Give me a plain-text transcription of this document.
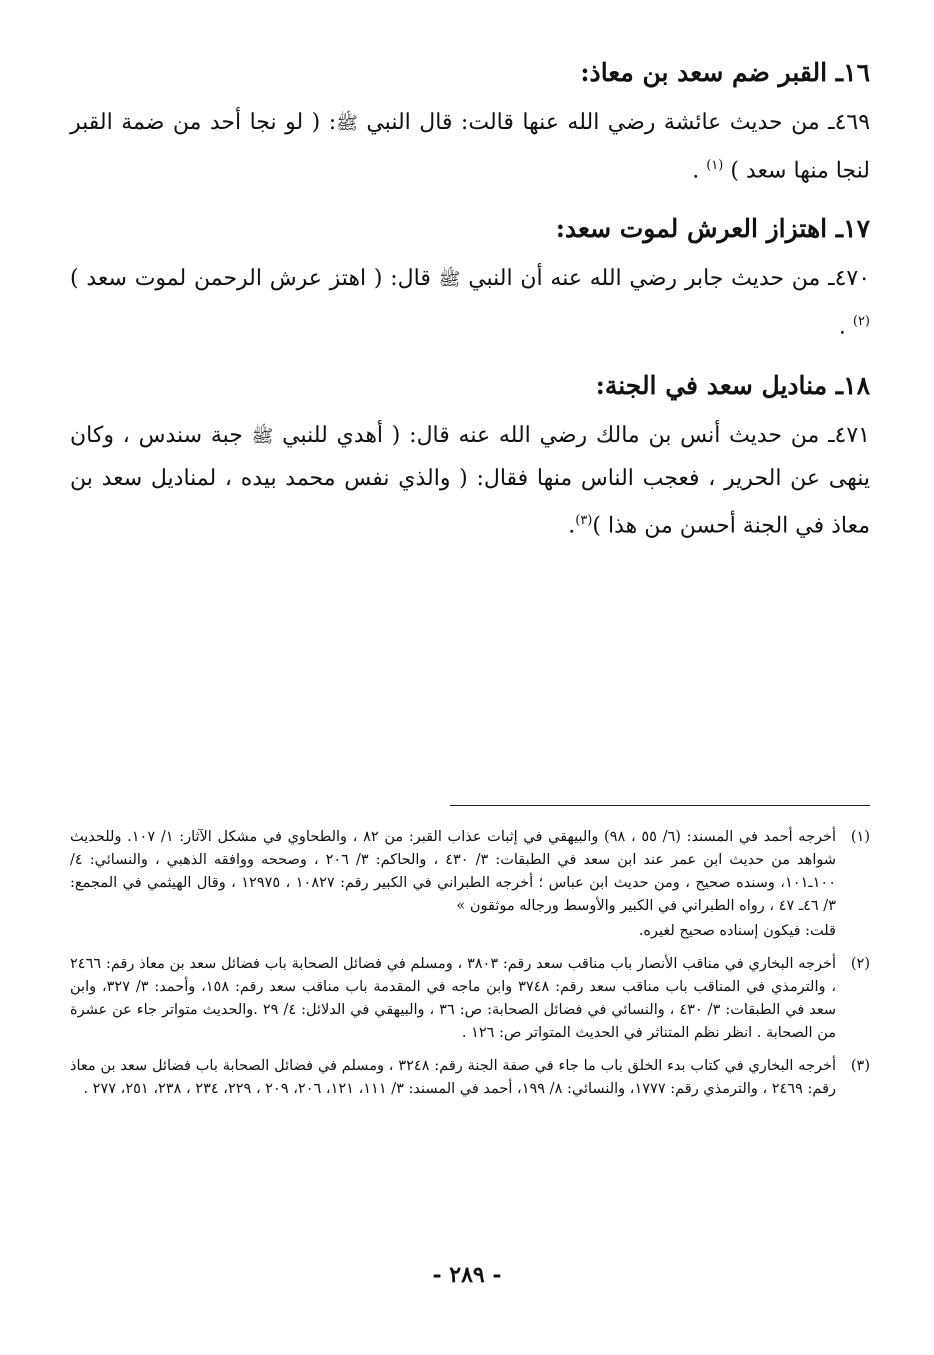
١٦ـ القبر ضم سعد بن معاذ:

٤٦٩ـ من حديث عائشة رضي الله عنها قالت: قال النبي ﷺ: ( لو نجا أحد من ضمة القبر لنجا منها سعد ) $^{(١)}$ .

١٧ـ اهتزاز العرش لموت سعد:

٤٧٠ـ من حديث جابر رضي الله عنه أن النبي ﷺ قال: ( اهتز عرش الرحمن لموت سعد ) $^{(٢)}$ .

١٨ـ مناديل سعد في الجنة:

٤٧١ـ من حديث أنس بن مالك رضي الله عنه قال: ( أهدي للنبي ﷺ جبة سندس ، وكان ينهى عن الحرير ، فعجب الناس منها فقال: ( والذي نفس محمد بيده ، لمناديل سعد بن معاذ في الجنة أحسن من هذا )$^{(٣)}$.

(١)
أخرجه أحمد في المسند: (٦/ ٥٥ ، ٩٨) والبيهقي في إثبات عذاب القبر: من ٨٢ ، والطحاوي في مشكل الآثار: ١/ ١٠٧. وللحديث شواهد من حديث ابن عمر عند ابن سعد في الطبقات: ٣/ ٤٣٠ ، والحاكم: ٣/ ٢٠٦ ، وصححه ووافقه الذهبي ، والنسائي: ٤/ ١٠٠ـ١٠١، وسنده صحيح ، ومن حديث ابن عباس ؛ أخرجه الطبراني في الكبير رقم: ١٠٨٢٧ ، ١٢٩٧٥ ، وقال الهيثمي في المجمع: ٣/ ٤٦ـ ٤٧ ، رواه الطبراني في الكبير والأوسط ورجاله موثقون »
قلت: فيكون إسناده صحيح لغيره.
(٢)
أخرجه البخاري في مناقب الأنصار باب مناقب سعد رقم: ٣٨٠٣ ، ومسلم في فضائل الصحابة باب فضائل سعد بن معاذ رقم: ٢٤٦٦ ، والترمذي في المناقب باب مناقب سعد رقم: ٣٧٤٨ وابن ماجه في المقدمة باب مناقب سعد رقم: ١٥٨، وأحمد: ٣/ ٣٢٧، وابن سعد في الطبقات: ٣/ ٤٣٠ ، والنسائي في فضائل الصحابة: ص: ٣٦ ، والبيهقي في الدلائل: ٤/ ٢٩ .والحديث متواتر جاء عن عشرة من الصحابة . انظر نظم المتناثر في الحديث المتواتر ص: ١٢٦ .
(٣)
أخرجه البخاري في كتاب بدء الخلق باب ما جاء في صفة الجنة رقم: ٣٢٤٨ ، ومسلم في فضائل الصحابة باب فضائل سعد بن معاذ رقم: ٢٤٦٩ ، والترمذي رقم: ١٧٧٧، والنسائي: ٨/ ١٩٩، أحمد في المسند: ٣/ ١١١، ١٢١، ٢٠٦، ٢٠٩ ، ٢٢٩، ٢٣٤ ، ٢٣٨، ٢٥١، ٢٧٧ .
- ٢٨٩ -
